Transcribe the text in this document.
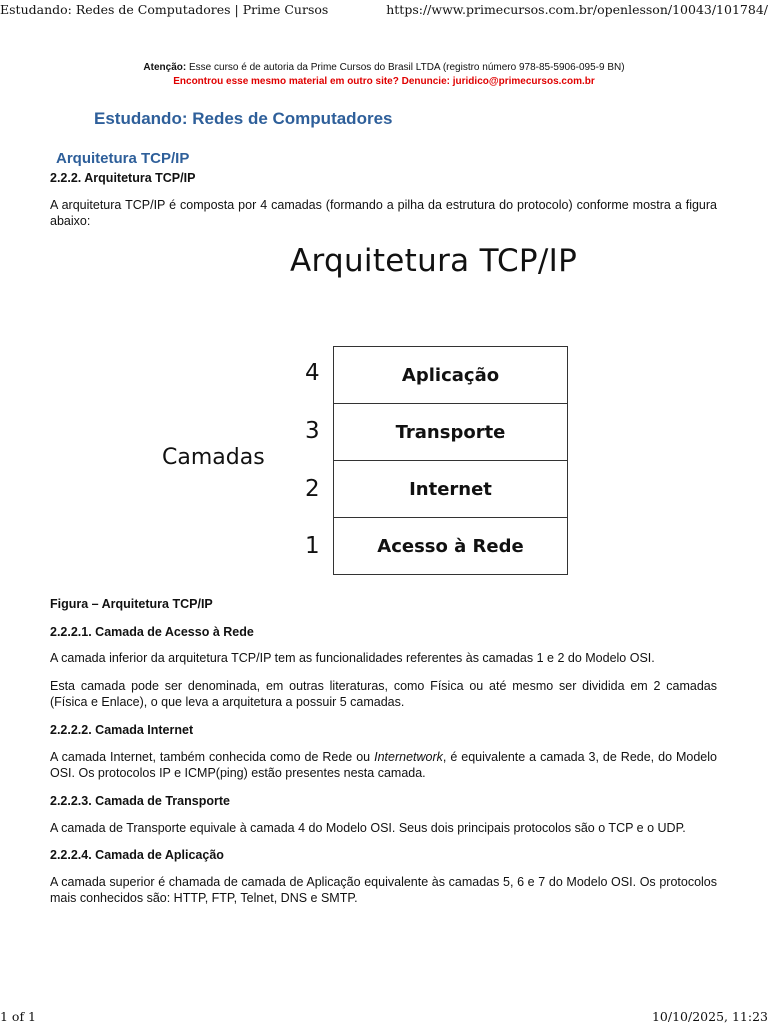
Estudando: Redes de Computadores | Prime Cursos	https://www.primecursos.com.br/openlesson/10043/101784/
Atenção: Esse curso é de autoria da Prime Cursos do Brasil LTDA (registro número 978-85-5906-095-9 BN)
Encontrou esse mesmo material em outro site? Denuncie: juridico@primecursos.com.br
Estudando: Redes de Computadores
Arquitetura TCP/IP
2.2.2. Arquitetura TCP/IP
A arquitetura TCP/IP é composta por 4 camadas (formando a pilha da estrutura do protocolo) conforme mostra a figura abaixo:
Arquitetura TCP/IP
Camadas
4	Aplicação
3	Transporte
2	Internet
1	Acesso à Rede
Figura – Arquitetura TCP/IP
2.2.2.1. Camada de Acesso à Rede
A camada inferior da arquitetura TCP/IP tem as funcionalidades referentes às camadas 1 e 2 do Modelo OSI.
Esta camada pode ser denominada, em outras literaturas, como Física ou até mesmo ser dividida em 2 camadas (Física e Enlace), o que leva a arquitetura a possuir 5 camadas.
2.2.2.2. Camada Internet
A camada Internet, também conhecida como de Rede ou Internetwork, é equivalente a camada 3, de Rede, do Modelo OSI. Os protocolos IP e ICMP(ping) estão presentes nesta camada.
2.2.2.3. Camada de Transporte
A camada de Transporte equivale à camada 4 do Modelo OSI. Seus dois principais protocolos são o TCP e o UDP.
2.2.2.4. Camada de Aplicação
A camada superior é chamada de camada de Aplicação equivalente às camadas 5, 6 e 7 do Modelo OSI. Os protocolos mais conhecidos são: HTTP, FTP, Telnet, DNS e SMTP.
1 of 1	10/10/2025, 11:23
